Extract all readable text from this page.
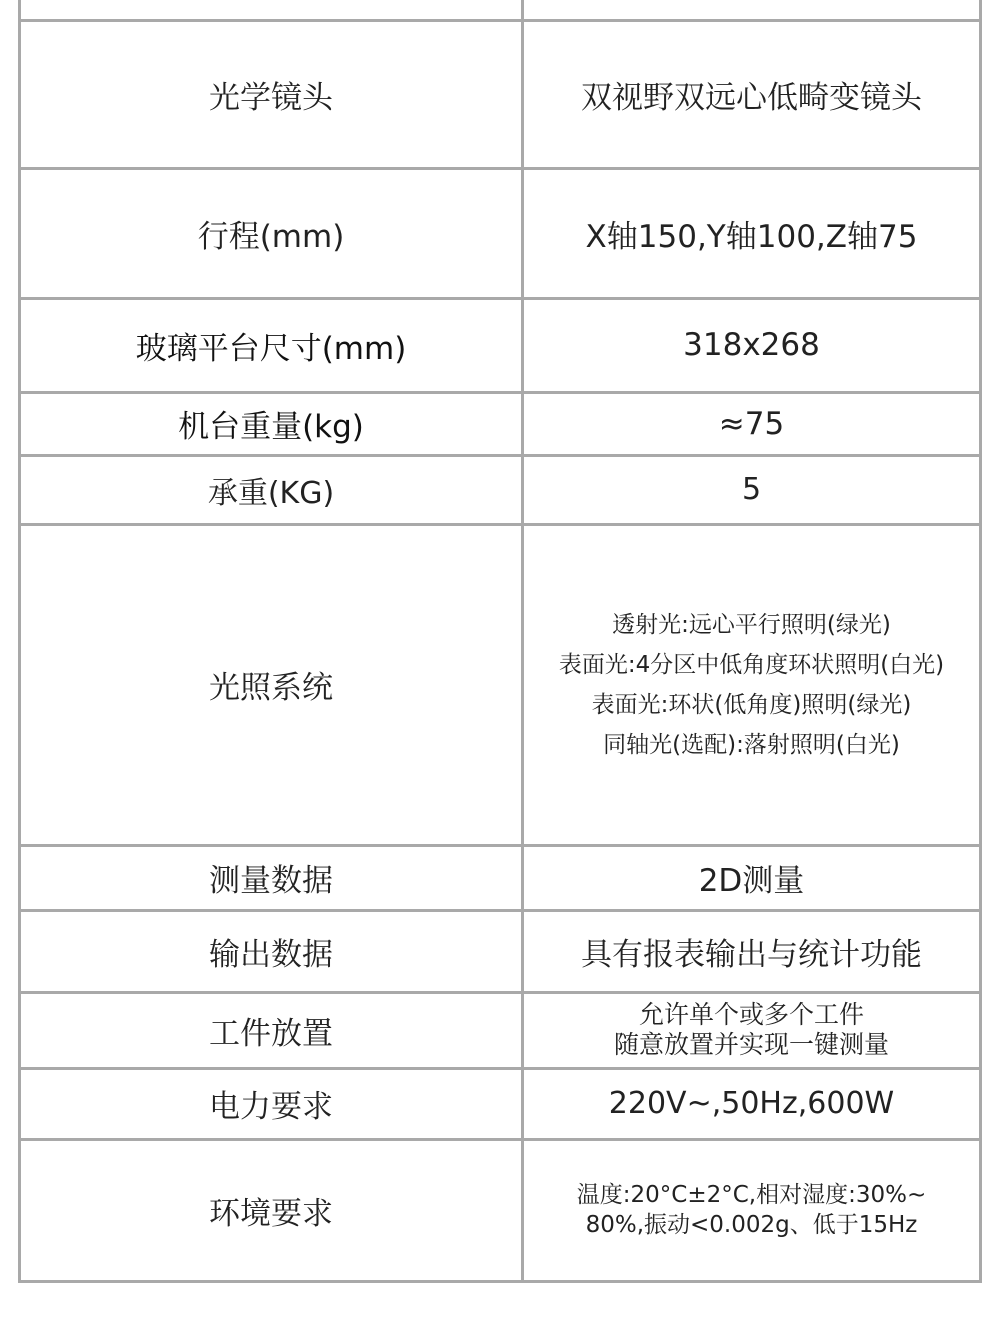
光学镜头	双视野双远心低畸变镜头
行程(mm)	X轴150,Y轴100,Z轴75
玻璃平台尺寸(mm)	318x268
机台重量(kg)	≈75
承重(KG)	5
光照系统	透射光:远心平行照明(绿光)
表面光:4分区中低角度环状照明(白光)
表面光:环状(低角度)照明(绿光)
同轴光(选配):落射照明(白光)

测量数据	2D测量
输出数据	具有报表输出与统计功能
工件放置	允许单个或多个工件
随意放置并实现一键测量

电力要求	220V~,50Hz,600W
环境要求	温度:20°C±2°C,相对湿度:30%~
80%,振动<0.002g、低于15Hz
